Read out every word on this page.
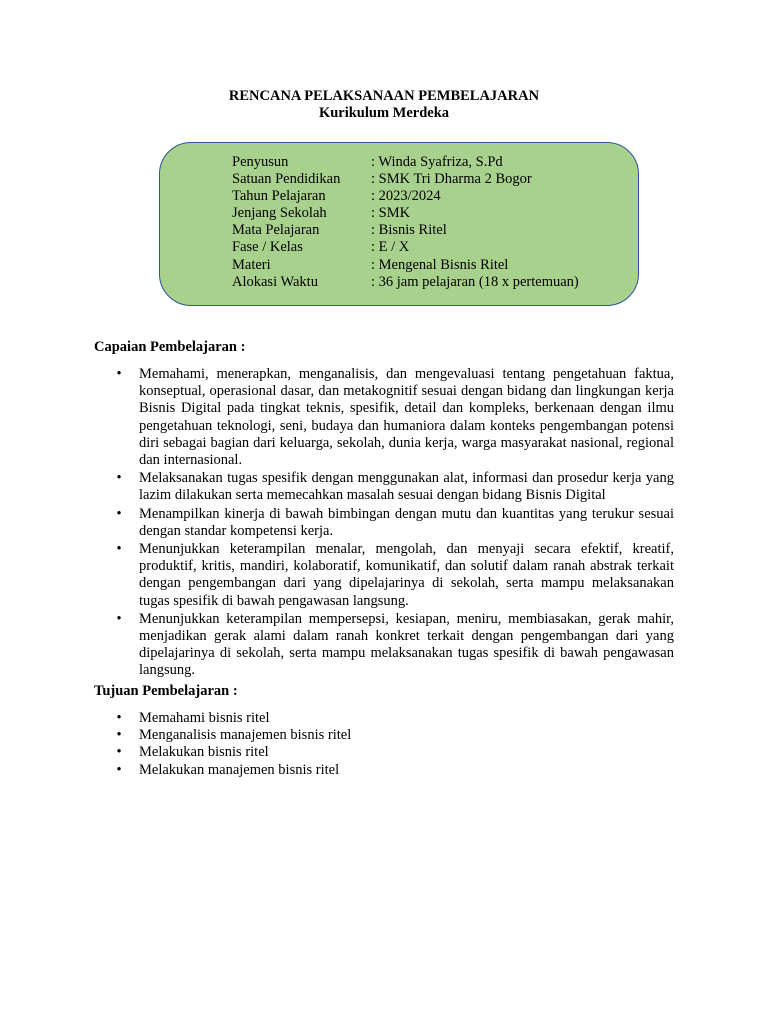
RENCANA PELAKSANAAN PEMBELAJARAN
Kurikulum Merdeka
Penyusun	: Winda Syafriza, S.Pd
Satuan Pendidikan	: SMK Tri Dharma 2 Bogor
Tahun Pelajaran	: 2023/2024
Jenjang Sekolah	: SMK
Mata Pelajaran	: Bisnis Ritel
Fase / Kelas	: E / X
Materi	: Mengenal Bisnis Ritel
Alokasi Waktu	: 36 jam pelajaran (18 x pertemuan)
Capaian Pembelajaran :
•	Memahami, menerapkan, menganalisis, dan mengevaluasi tentang pengetahuan faktua, konseptual, operasional dasar, dan metakognitif sesuai dengan bidang dan lingkungan kerja Bisnis Digital pada tingkat teknis, spesifik, detail dan kompleks, berkenaan dengan ilmu pengetahuan teknologi, seni, budaya dan humaniora dalam konteks pengembangan potensi diri sebagai bagian dari keluarga, sekolah, dunia kerja, warga masyarakat nasional, regional dan internasional.
•	Melaksanakan tugas spesifik dengan menggunakan alat, informasi dan prosedur kerja yang lazim dilakukan serta memecahkan masalah sesuai dengan bidang Bisnis Digital
•	Menampilkan kinerja di bawah bimbingan dengan mutu dan kuantitas yang terukur sesuai dengan standar kompetensi kerja.
•	Menunjukkan keterampilan menalar, mengolah, dan menyaji secara efektif, kreatif, produktif, kritis, mandiri, kolaboratif, komunikatif, dan solutif dalam ranah abstrak terkait dengan pengembangan dari yang dipelajarinya di sekolah, serta mampu melaksanakan tugas spesifik di bawah pengawasan langsung.
•	Menunjukkan keterampilan mempersepsi, kesiapan, meniru, membiasakan, gerak mahir, menjadikan gerak alami dalam ranah konkret terkait dengan pengembangan dari yang dipelajarinya di sekolah, serta mampu melaksanakan tugas spesifik di bawah pengawasan langsung.
Tujuan Pembelajaran :
•	Memahami bisnis ritel
•	Menganalisis manajemen bisnis ritel
•	Melakukan bisnis ritel
•	Melakukan manajemen bisnis ritel
